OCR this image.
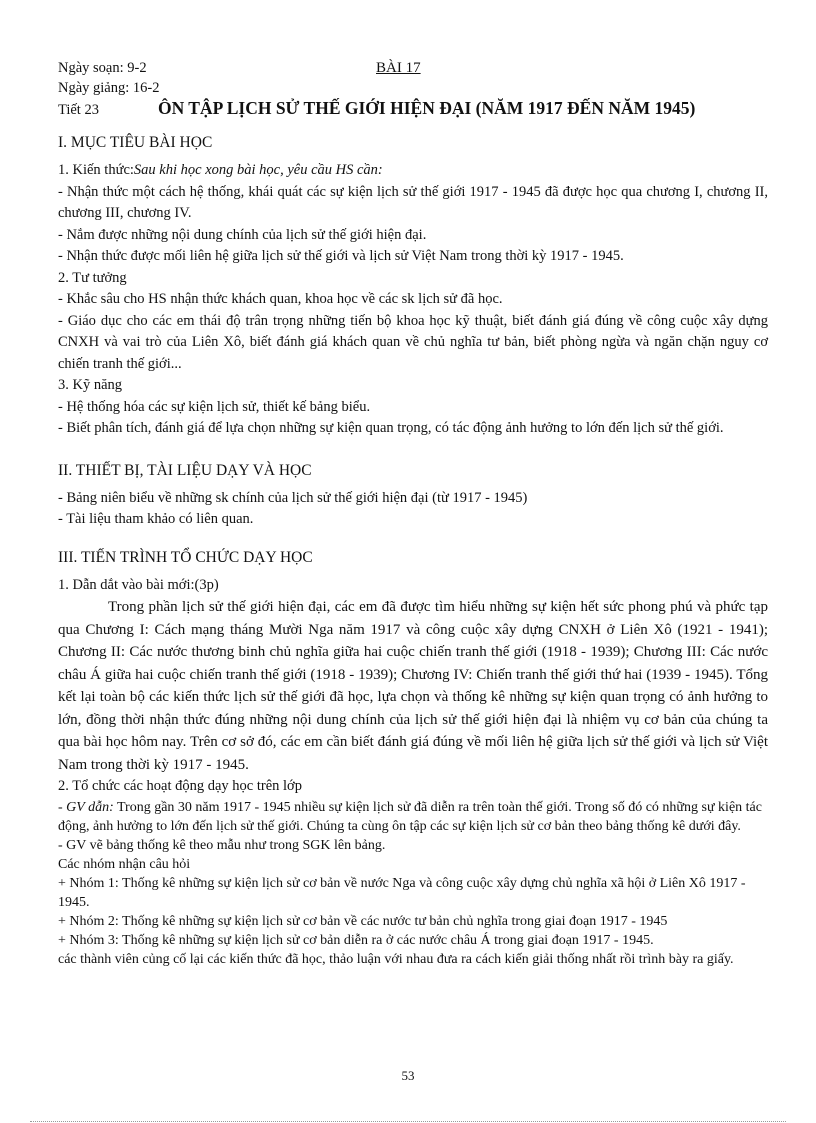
Ngày soạn: 9-2	BÀI 17
Ngày giảng: 16-2
Tiết 23	ÔN TẬP LỊCH SỬ THẾ GIỚI HIỆN ĐẠI (NĂM 1917 ĐẾN NĂM 1945)
I. MỤC TIÊU BÀI HỌC

1. Kiến thức:Sau khi học xong bài học, yêu cầu HS cần:

- Nhận thức một cách hệ thống, khái quát các sự kiện lịch sử thế giới 1917 - 1945 đã được học qua chương I, chương II, chương III, chương IV.

- Nắm được những nội dung chính của lịch sử thế giới hiện đại.

- Nhận thức được mối liên hệ giữa lịch sử thế giới và lịch sử Việt Nam trong thời kỳ 1917 - 1945.

2. Tư tưởng

- Khắc sâu cho HS nhận thức khách quan, khoa học về các sk lịch sử đã học.

- Giáo dục cho các em thái độ trân trọng những tiến bộ khoa học kỹ thuật, biết đánh giá đúng về công cuộc xây dựng CNXH và vai trò của Liên Xô, biết đánh giá khách quan về chủ nghĩa tư bản, biết phòng ngừa và ngăn chặn nguy cơ chiến tranh thế giới...

3. Kỹ năng

- Hệ thống hóa các sự kiện lịch sử, thiết kế bảng biểu.

- Biết phân tích, đánh giá để lựa chọn những sự kiện quan trọng, có tác động ảnh hưởng to lớn đến lịch sử thế giới.

II. THIẾT BỊ, TÀI LIỆU DẠY VÀ HỌC

- Bảng niên biểu về những sk chính của lịch sử thế giới hiện đại (từ 1917 - 1945)

- Tài liệu tham khảo có liên quan.

III. TIẾN TRÌNH TỔ CHỨC DẠY HỌC

1. Dẫn dắt vào bài mới:(3p)

Trong phần lịch sử thế giới hiện đại, các em đã được tìm hiểu những sự kiện hết sức phong phú và phức tạp qua Chương I: Cách mạng tháng Mười Nga năm 1917 và công cuộc xây dựng CNXH ở Liên Xô (1921 - 1941); Chương II: Các nước thương binh chủ nghĩa giữa hai cuộc chiến tranh thế giới (1918 - 1939); Chương III: Các nước châu Á giữa hai cuộc chiến tranh thế giới (1918 - 1939); Chương IV: Chiến tranh thế giới thứ hai (1939 - 1945). Tổng kết lại toàn bộ các kiến thức lịch sử thế giới đã học, lựa chọn và thống kê những sự kiện quan trọng có ảnh hưởng to lớn, đồng thời nhận thức đúng những nội dung chính của lịch sử thế giới hiện đại là nhiệm vụ cơ bản của chúng ta qua bài học hôm nay. Trên cơ sở đó, các em cần biết đánh giá đúng về mối liên hệ giữa lịch sử thế giới và lịch sử Việt Nam trong thời kỳ 1917 - 1945.

2. Tổ chức các hoạt động dạy học trên lớp

- GV dẫn: Trong gần 30 năm 1917 - 1945 nhiều sự kiện lịch sử đã diễn ra trên toàn thế giới. Trong số đó có những sự kiện tác động, ảnh hưởng to lớn đến lịch sử thế giới. Chúng ta cùng ôn tập các sự kiện lịch sử cơ bản theo bảng thống kê dưới đây.

- GV vẽ bảng thống kê theo mẫu như trong SGK lên bảng.

Các nhóm nhận câu hỏi

+ Nhóm 1: Thống kê những sự kiện lịch sử cơ bản về nước Nga và công cuộc xây dựng chủ nghĩa xã hội ở Liên Xô 1917 - 1945.

+ Nhóm 2: Thống kê những sự kiện lịch sử cơ bản về các nước tư bản chủ nghĩa trong giai đoạn 1917 - 1945

+ Nhóm 3: Thống kê những sự kiện lịch sử cơ bản diễn ra ở các nước châu Á trong giai đoạn 1917 - 1945.

các thành viên củng cố lại các kiến thức đã học, thảo luận với nhau đưa ra cách kiến giải thống nhất rồi trình bày ra giấy.

53
